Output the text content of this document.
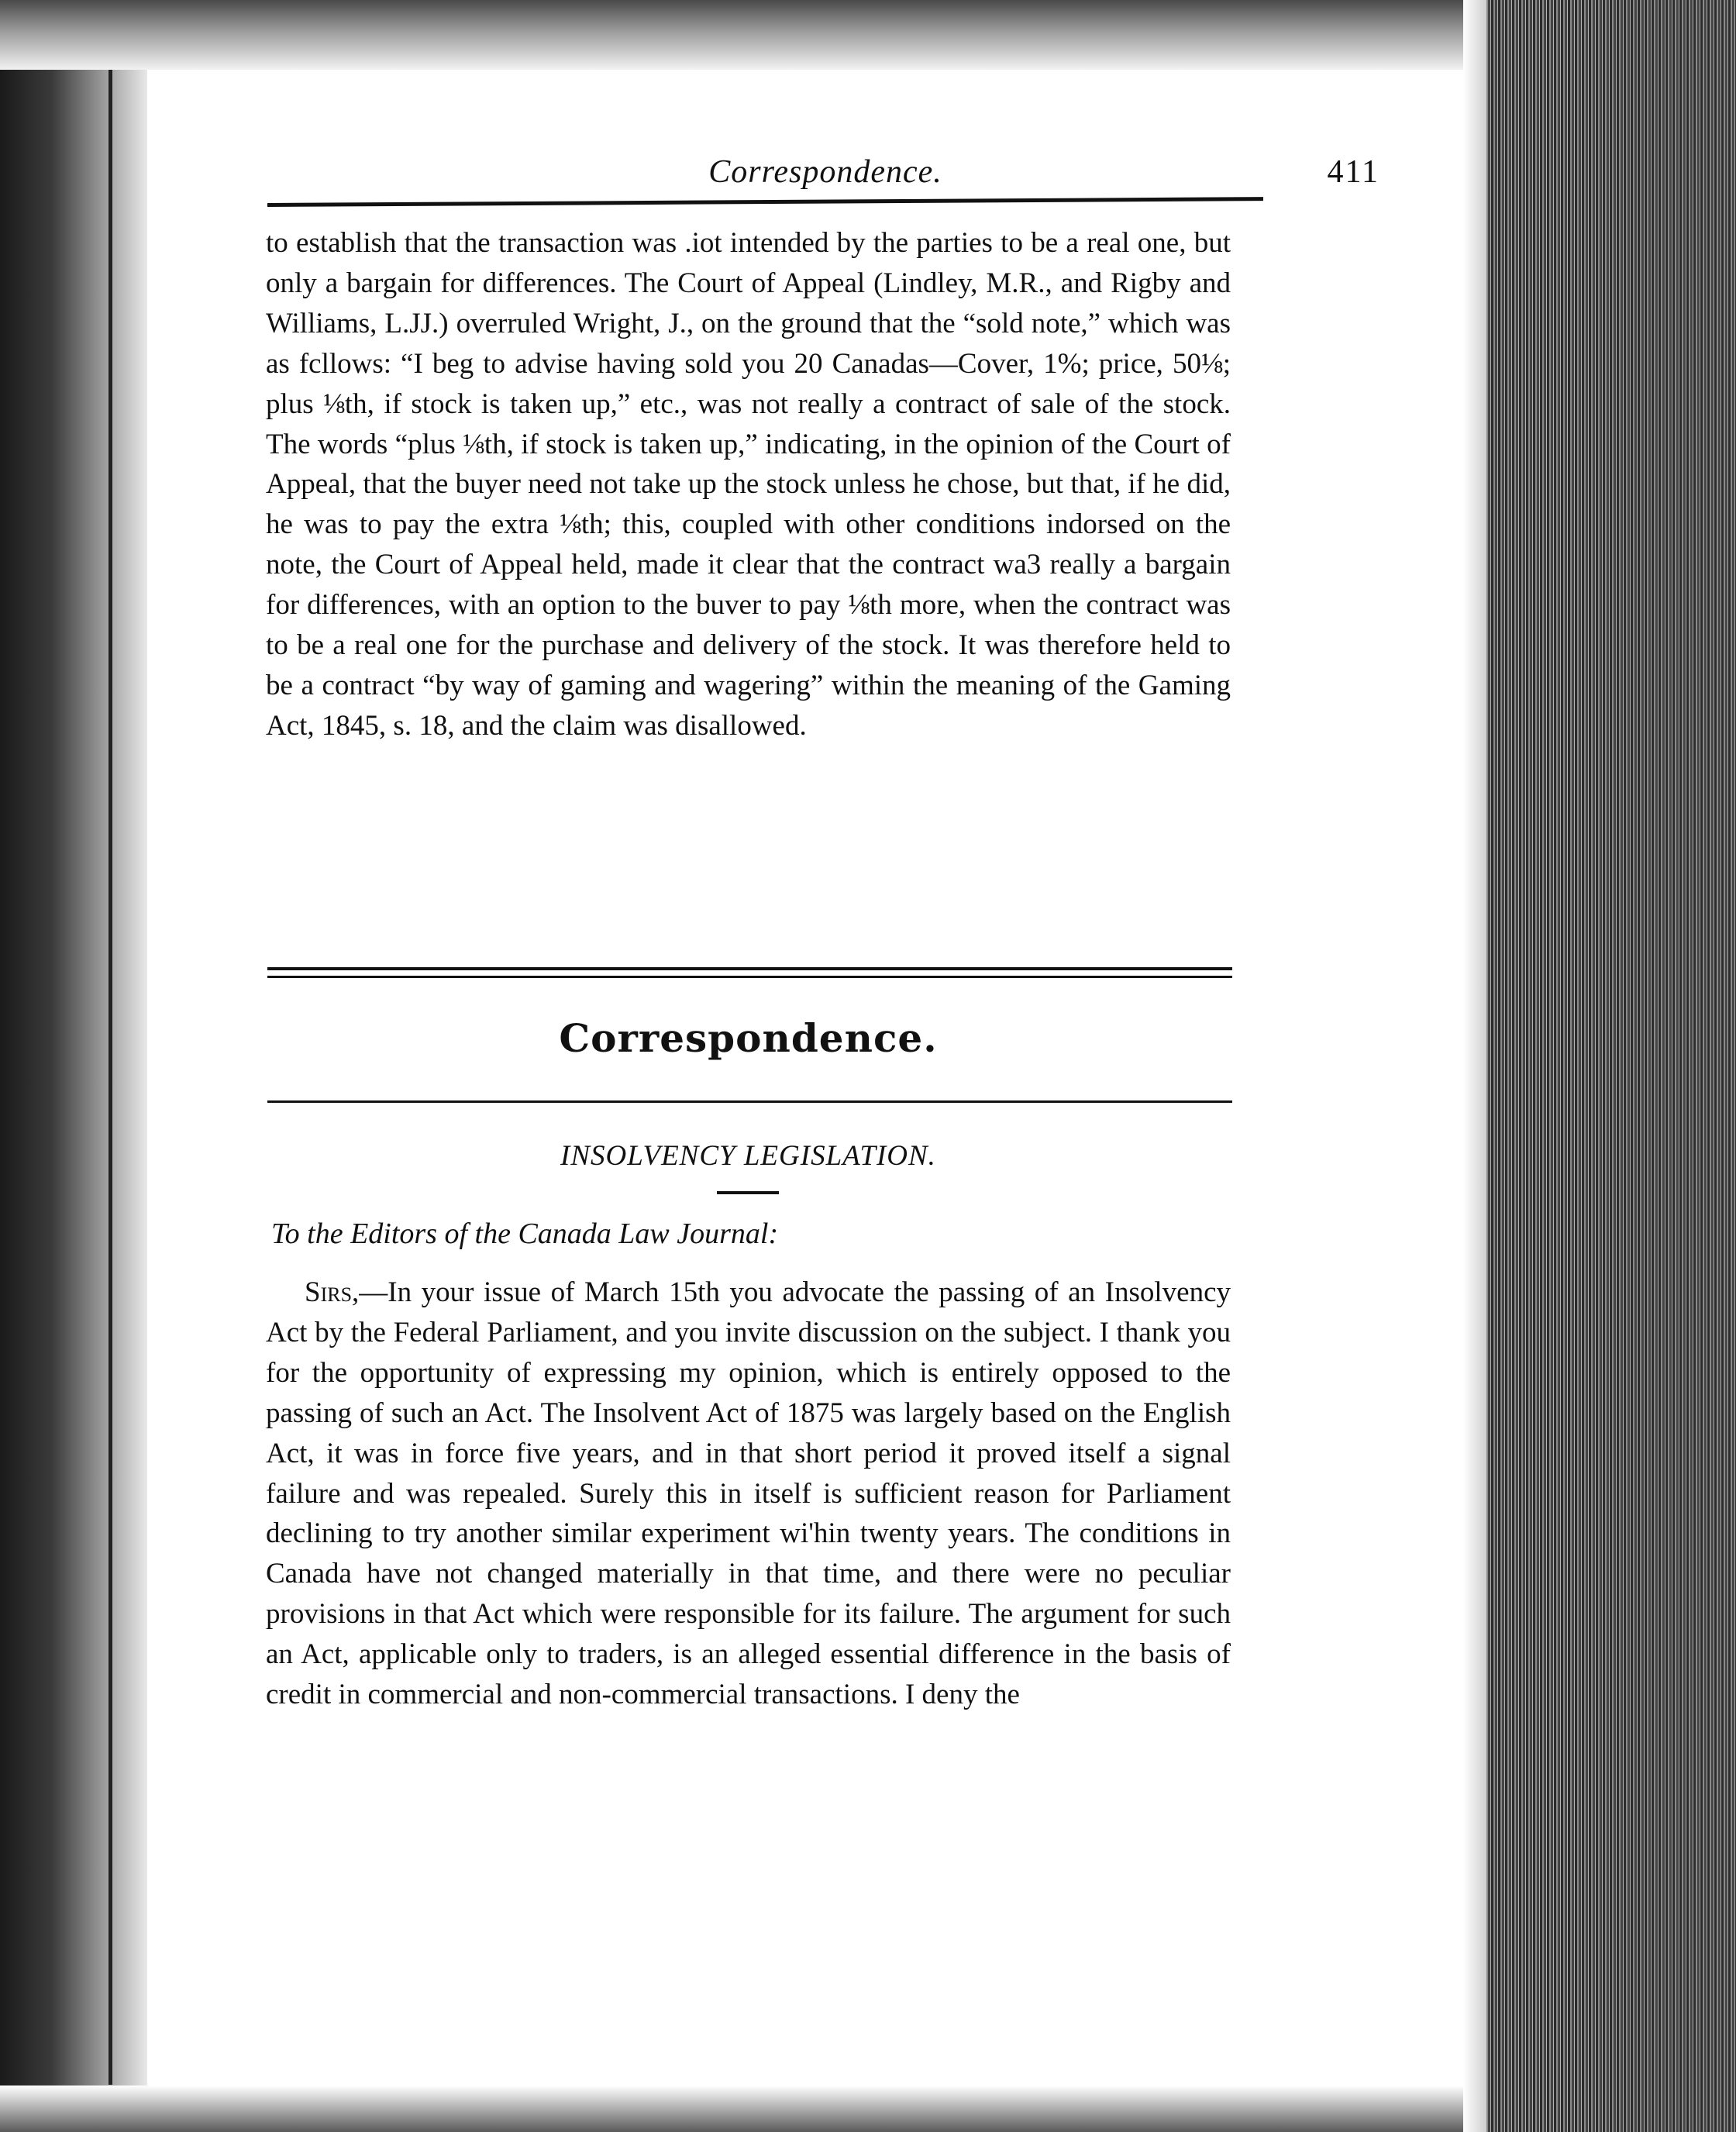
Correspondence.	411

to establish that the transaction was .iot intended by the parties to be a real one, but only a bargain for differences. The Court of Appeal (Lindley, M.R., and Rigby and Williams, L.JJ.) overruled Wright, J., on the ground that the “sold note,” which was as fcllows: “I beg to advise having sold you 20 Canadas—Cover, 1%; price, 50⅛; plus ⅛th, if stock is taken up,” etc., was not really a contract of sale of the stock. The words “plus ⅛th, if stock is taken up,” indicating, in the opinion of the Court of Appeal, that the buyer need not take up the stock unless he chose, but that, if he did, he was to pay the extra ⅛th; this, coupled with other conditions indorsed on the note, the Court of Appeal held, made it clear that the contract wa3 really a bargain for differences, with an option to the buver to pay ⅛th more, when the contract was to be a real one for the purchase and delivery of the stock. It was therefore held to be a contract “by way of gaming and wagering” within the meaning of the Gaming Act, 1845, s. 18, and the claim was disallowed.

Correspondence.
INSOLVENCY LEGISLATION.
To the Editors of the Canada Law Journal:

Sirs,—In your issue of March 15th you advocate the passing of an Insolvency Act by the Federal Parliament, and you invite discussion on the subject. I thank you for the opportunity of expressing my opinion, which is entirely opposed to the passing of such an Act. The Insolvent Act of 1875 was largely based on the English Act, it was in force five years, and in that short period it proved itself a signal failure and was repealed. Surely this in itself is sufficient reason for Parliament declining to try another similar experiment wi'hin twenty years. The conditions in Canada have not changed materially in that time, and there were no peculiar provisions in that Act which were responsible for its failure. The argument for such an Act, applicable only to traders, is an alleged essential difference in the basis of credit in commercial and non-commercial transactions. I deny the
